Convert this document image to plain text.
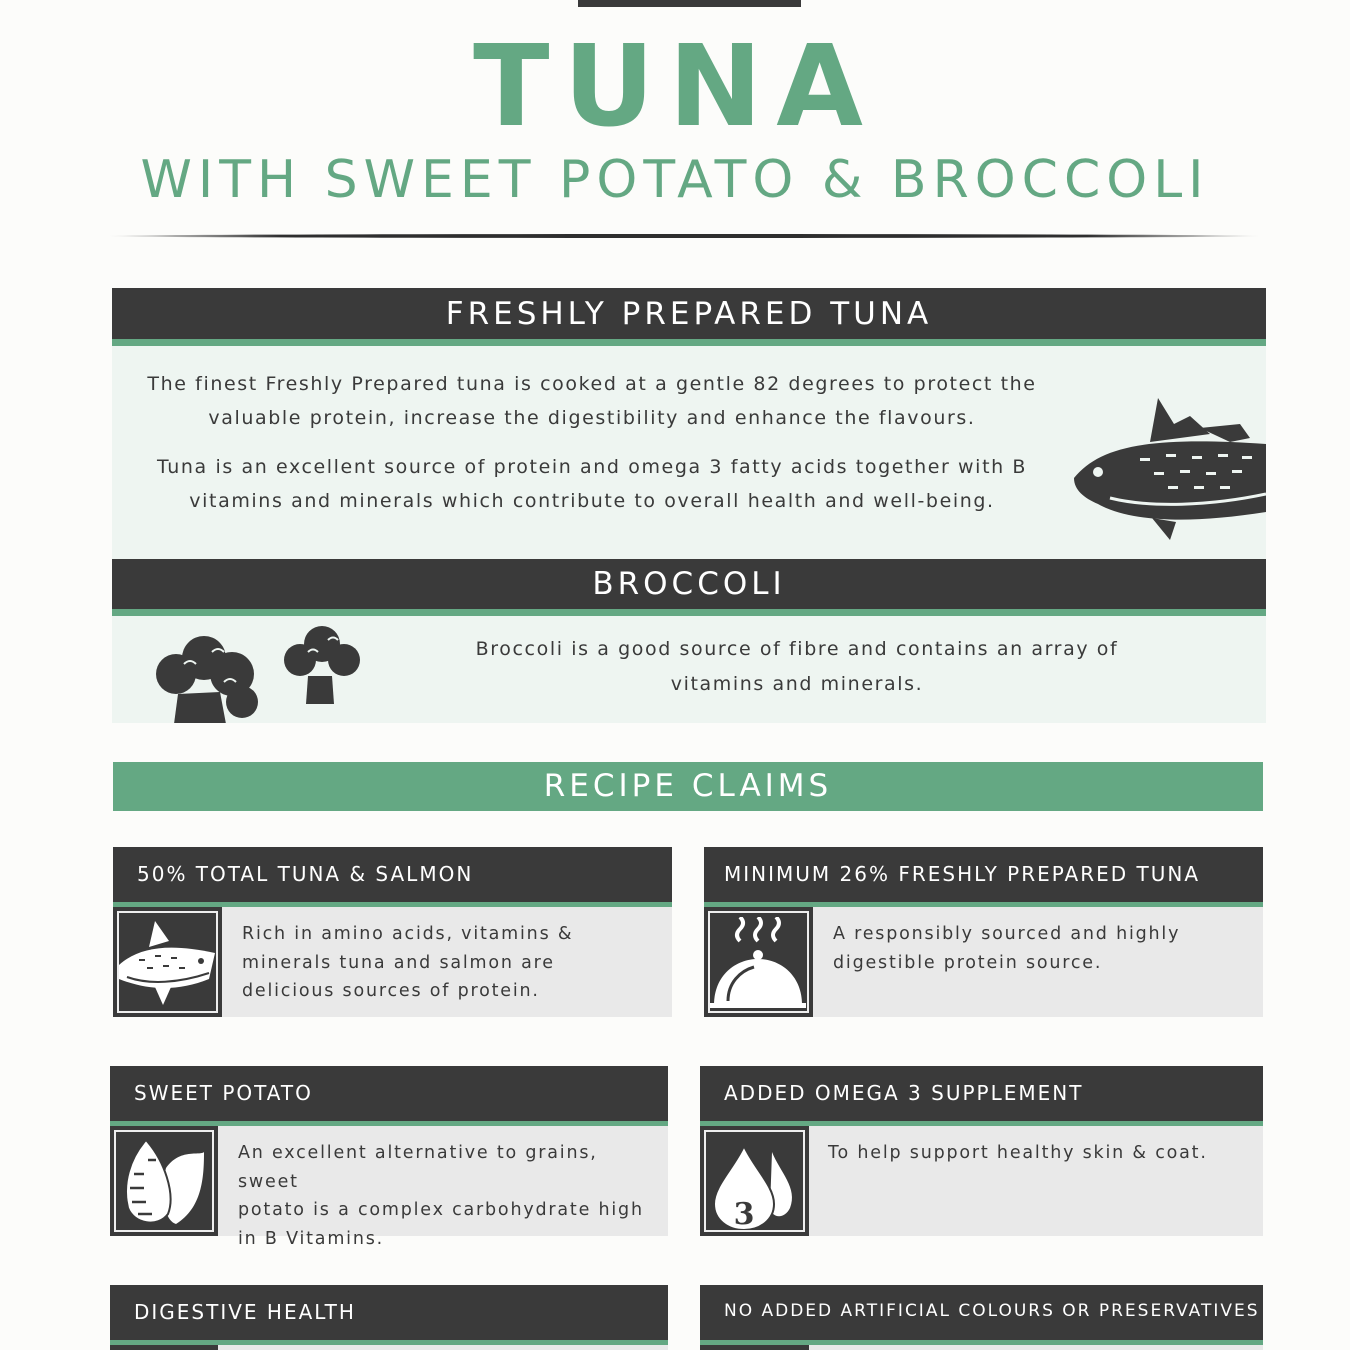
TUNA
WITH SWEET POTATO & BROCCOLI
FRESHLY PREPARED TUNA
The finest Freshly Prepared tuna is cooked at a gentle 82 degrees to protect the
valuable protein, increase the digestibility and enhance the flavours.
Tuna is an excellent source of protein and omega 3 fatty acids together with B
vitamins and minerals which contribute to overall health and well-being.
BROCCOLI
Broccoli is a good source of fibre and contains an array of
vitamins and minerals.
RECIPE CLAIMS
50% TOTAL TUNA & SALMON
Rich in amino acids, vitamins &
minerals tuna and salmon are
delicious sources of protein.
MINIMUM 26% FRESHLY PREPARED TUNA
A responsibly sourced and highly
digestible protein source.
SWEET POTATO
An excellent alternative to grains, sweet
potato is a complex carbohydrate high
in B Vitamins.
ADDED OMEGA 3 SUPPLEMENT
3
To help support healthy skin & coat.
DIGESTIVE HEALTH	NO ADDED ARTIFICIAL COLOURS OR PRESERVATIVES
